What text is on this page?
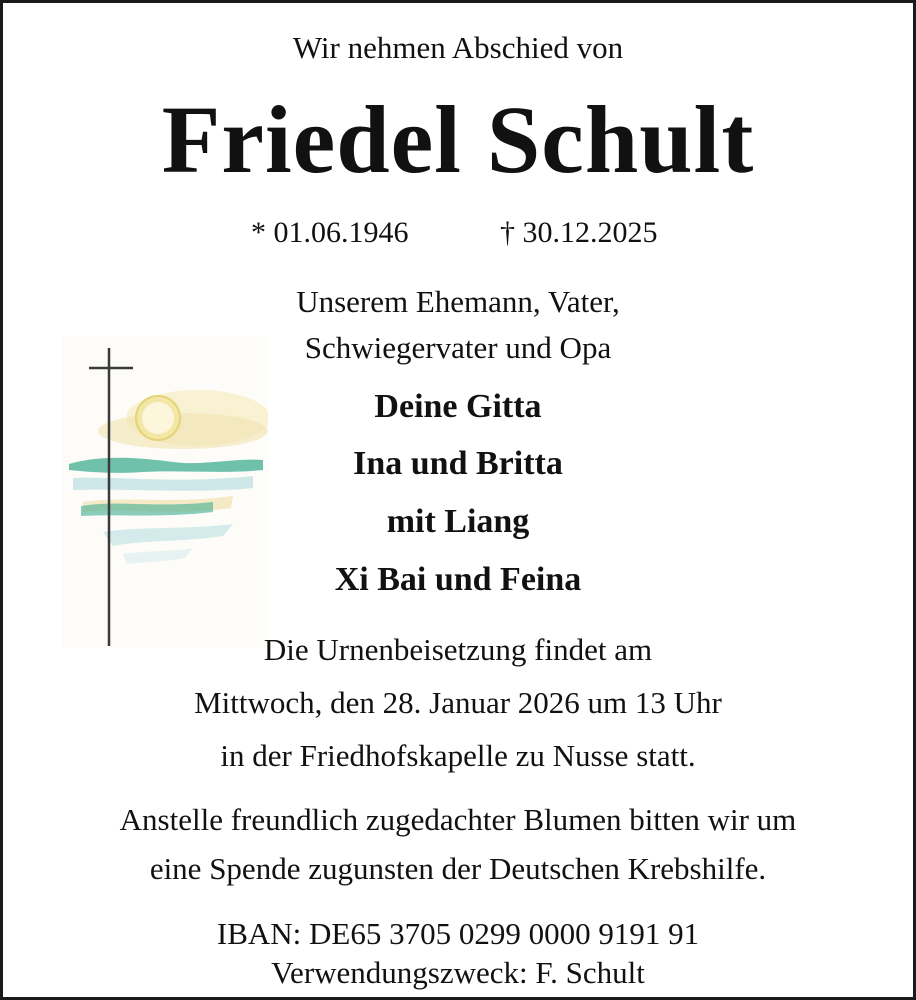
Wir nehmen Abschied von
Friedel Schult
* 01.06.1946	† 30.12.2025
Unserem Ehemann, Vater,
Schwiegervater und Opa
Deine Gitta
Ina und Britta
mit Liang
Xi Bai und Feina
Die Urnenbeisetzung findet am
Mittwoch, den 28. Januar 2026 um 13 Uhr
in der Friedhofskapelle zu Nusse statt.
Anstelle freundlich zugedachter Blumen bitten wir um
eine Spende zugunsten der Deutschen Krebshilfe.
IBAN: DE65 3705 0299 0000 9191 91
Verwendungszweck: F. Schult
